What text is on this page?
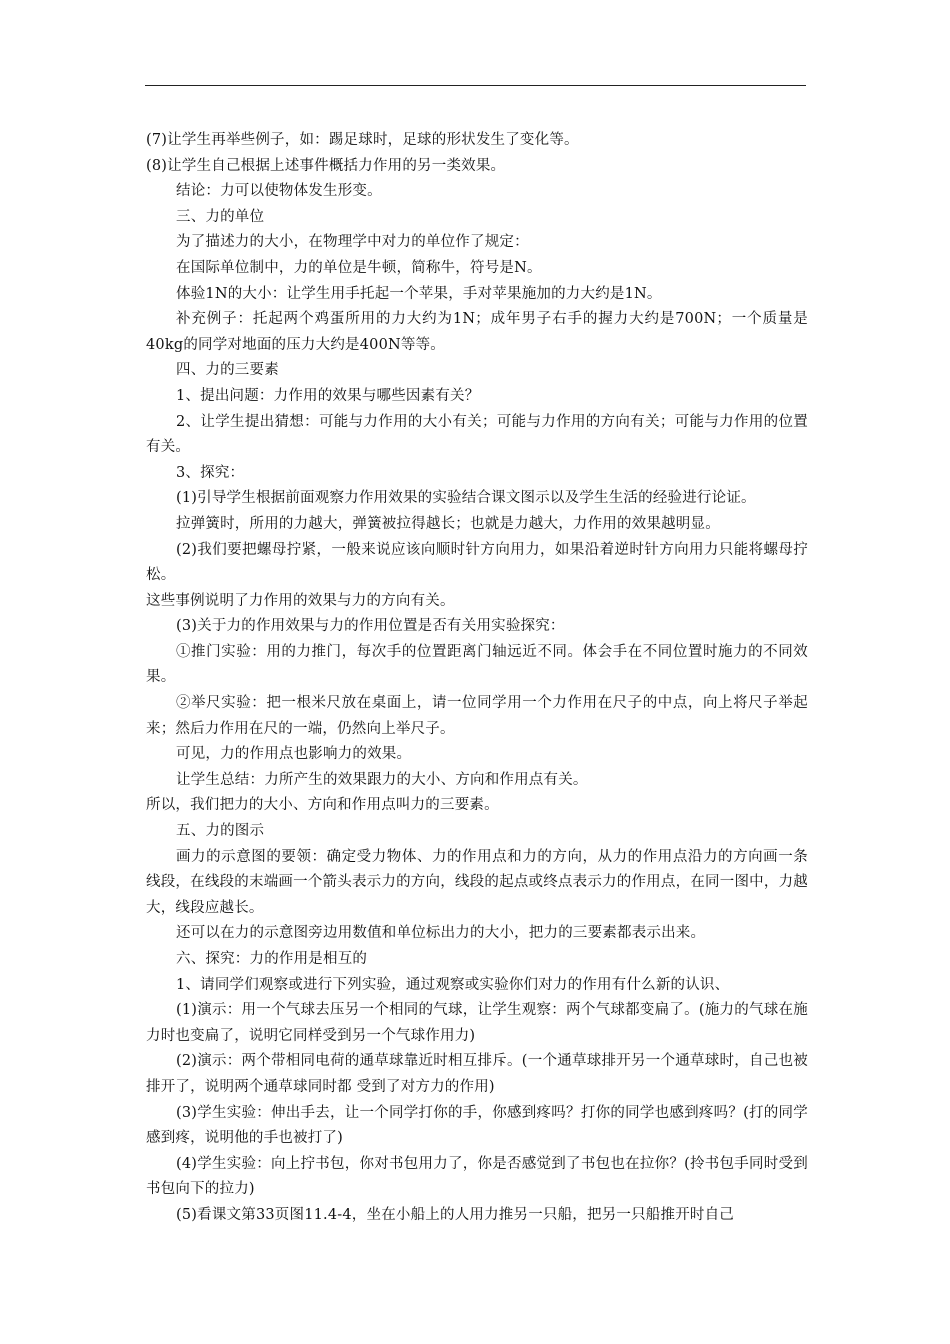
(7)让学生再举些例子，如：踢足球时，足球的形状发生了变化等。

(8)让学生自己根据上述事件概括力作用的另一类效果。

结论：力可以使物体发生形变。

三、力的单位

为了描述力的大小，在物理学中对力的单位作了规定：

在国际单位制中，力的单位是牛顿，简称牛，符号是N。

体验1N的大小：让学生用手托起一个苹果，手对苹果施加的力大约是1N。

补充例子：托起两个鸡蛋所用的力大约为1N；成年男子右手的握力大约是700N；一个质量是40kg的同学对地面的压力大约是400N等等。

四、力的三要素

1、提出问题：力作用的效果与哪些因素有关？

2、让学生提出猜想：可能与力作用的大小有关；可能与力作用的方向有关；可能与力作用的位置有关。

3、探究：

(1)引导学生根据前面观察力作用效果的实验结合课文图示以及学生生活的经验进行论证。

拉弹簧时，所用的力越大，弹簧被拉得越长；也就是力越大，力作用的效果越明显。

(2)我们要把螺母拧紧，一般来说应该向顺时针方向用力，如果沿着逆时针方向用力只能将螺母拧松。

这些事例说明了力作用的效果与力的方向有关。

(3)关于力的作用效果与力的作用位置是否有关用实验探究：

①推门实验：用的力推门，每次手的位置距离门轴远近不同。体会手在不同位置时施力的不同效果。

②举尺实验：把一根米尺放在桌面上，请一位同学用一个力作用在尺子的中点，向上将尺子举起来；然后力作用在尺的一端，仍然向上举尺子。

可见，力的作用点也影响力的效果。

让学生总结：力所产生的效果跟力的大小、方向和作用点有关。

所以，我们把力的大小、方向和作用点叫力的三要素。

五、力的图示

画力的示意图的要领：确定受力物体、力的作用点和力的方向，从力的作用点沿力的方向画一条线段，在线段的末端画一个箭头表示力的方向，线段的起点或终点表示力的作用点，在同一图中，力越大，线段应越长。

还可以在力的示意图旁边用数值和单位标出力的大小，把力的三要素都表示出来。

六、探究：力的作用是相互的

1、请同学们观察或进行下列实验，通过观察或实验你们对力的作用有什么新的认识、

(1)演示：用一个气球去压另一个相同的气球，让学生观察：两个气球都变扁了。(施力的气球在施力时也变扁了，说明它同样受到另一个气球作用力)

(2)演示：两个带相同电荷的通草球靠近时相互排斥。(一个通草球排开另一个通草球时，自己也被排开了，说明两个通草球同时都 受到了对方力的作用)

(3)学生实验：伸出手去，让一个同学打你的手，你感到疼吗？打你的同学也感到疼吗？(打的同学感到疼，说明他的手也被打了)

(4)学生实验：向上拧书包，你对书包用力了，你是否感觉到了书包也在拉你？(拎书包手同时受到书包向下的拉力)

(5)看课文第33页图11.4-4，坐在小船上的人用力推另一只船，把另一只船推开时自己
